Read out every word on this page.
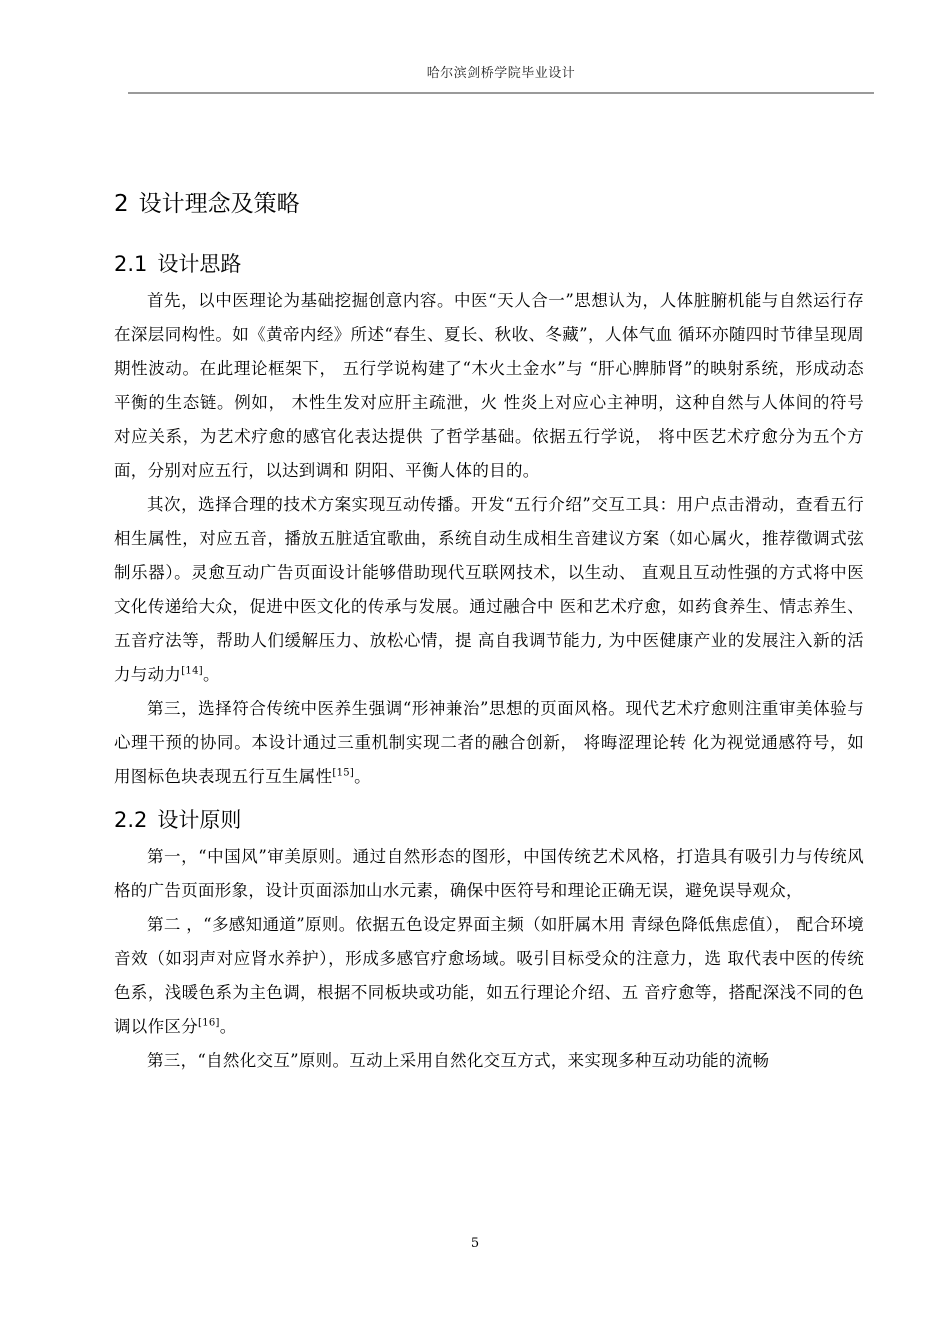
哈尔滨剑桥学院毕业设计
2 设计理念及策略
2.1 设计思路

首先，以中医理论为基础挖掘创意内容。中医“天人合一”思想认为，人体脏腑机能与自然运行存在深层同构性。如《黄帝内经》所述“春生、夏长、秋收、冬藏”，人体气血 循环亦随四时节律呈现周期性波动。在此理论框架下， 五行学说构建了“木火土金水”与 “肝心脾肺肾”的映射系统，形成动态平衡的生态链。例如， 木性生发对应肝主疏泄，火 性炎上对应心主神明，这种自然与人体间的符号对应关系，为艺术疗愈的感官化表达提供 了哲学基础。依据五行学说， 将中医艺术疗愈分为五个方面，分别对应五行，以达到调和 阴阳、平衡人体的目的。

其次，选择合理的技术方案实现互动传播。开发“五行介绍”交互工具：用户点击滑动，查看五行相生属性，对应五音，播放五脏适宜歌曲，系统自动生成相生音建议方案（如心属火，推荐徵调式弦制乐器）。灵愈互动广告页面设计能够借助现代互联网技术，以生动、 直观且互动性强的方式将中医文化传递给大众，促进中医文化的传承与发展。通过融合中 医和艺术疗愈，如药食养生、情志养生、五音疗法等，帮助人们缓解压力、放松心情，提 高自我调节能力, 为中医健康产业的发展注入新的活力与动力[14]。

第三，选择符合传统中医养生强调“形神兼治”思想的页面风格。现代艺术疗愈则注重审美体验与心理干预的协同。本设计通过三重机制实现二者的融合创新， 将晦涩理论转 化为视觉通感符号，如用图标色块表现五行互生属性[15]。

2.2 设计原则

第一，“中国风”审美原则。通过自然形态的图形，中国传统艺术风格，打造具有吸引力与传统风格的广告页面形象，设计页面添加山水元素，确保中医符号和理论正确无误，避免误导观众，

第二 ，“多感知通道”原则。依据五色设定界面主频（如肝属木用 青绿色降低焦虑值）， 配合环境音效（如羽声对应肾水养护），形成多感官疗愈场域。吸引目标受众的注意力，选 取代表中医的传统色系，浅暖色系为主色调，根据不同板块或功能，如五行理论介绍、五 音疗愈等，搭配深浅不同的色调以作区分[16]。

第三，“自然化交互”原则。互动上采用自然化交互方式，来实现多种互动功能的流畅

5
